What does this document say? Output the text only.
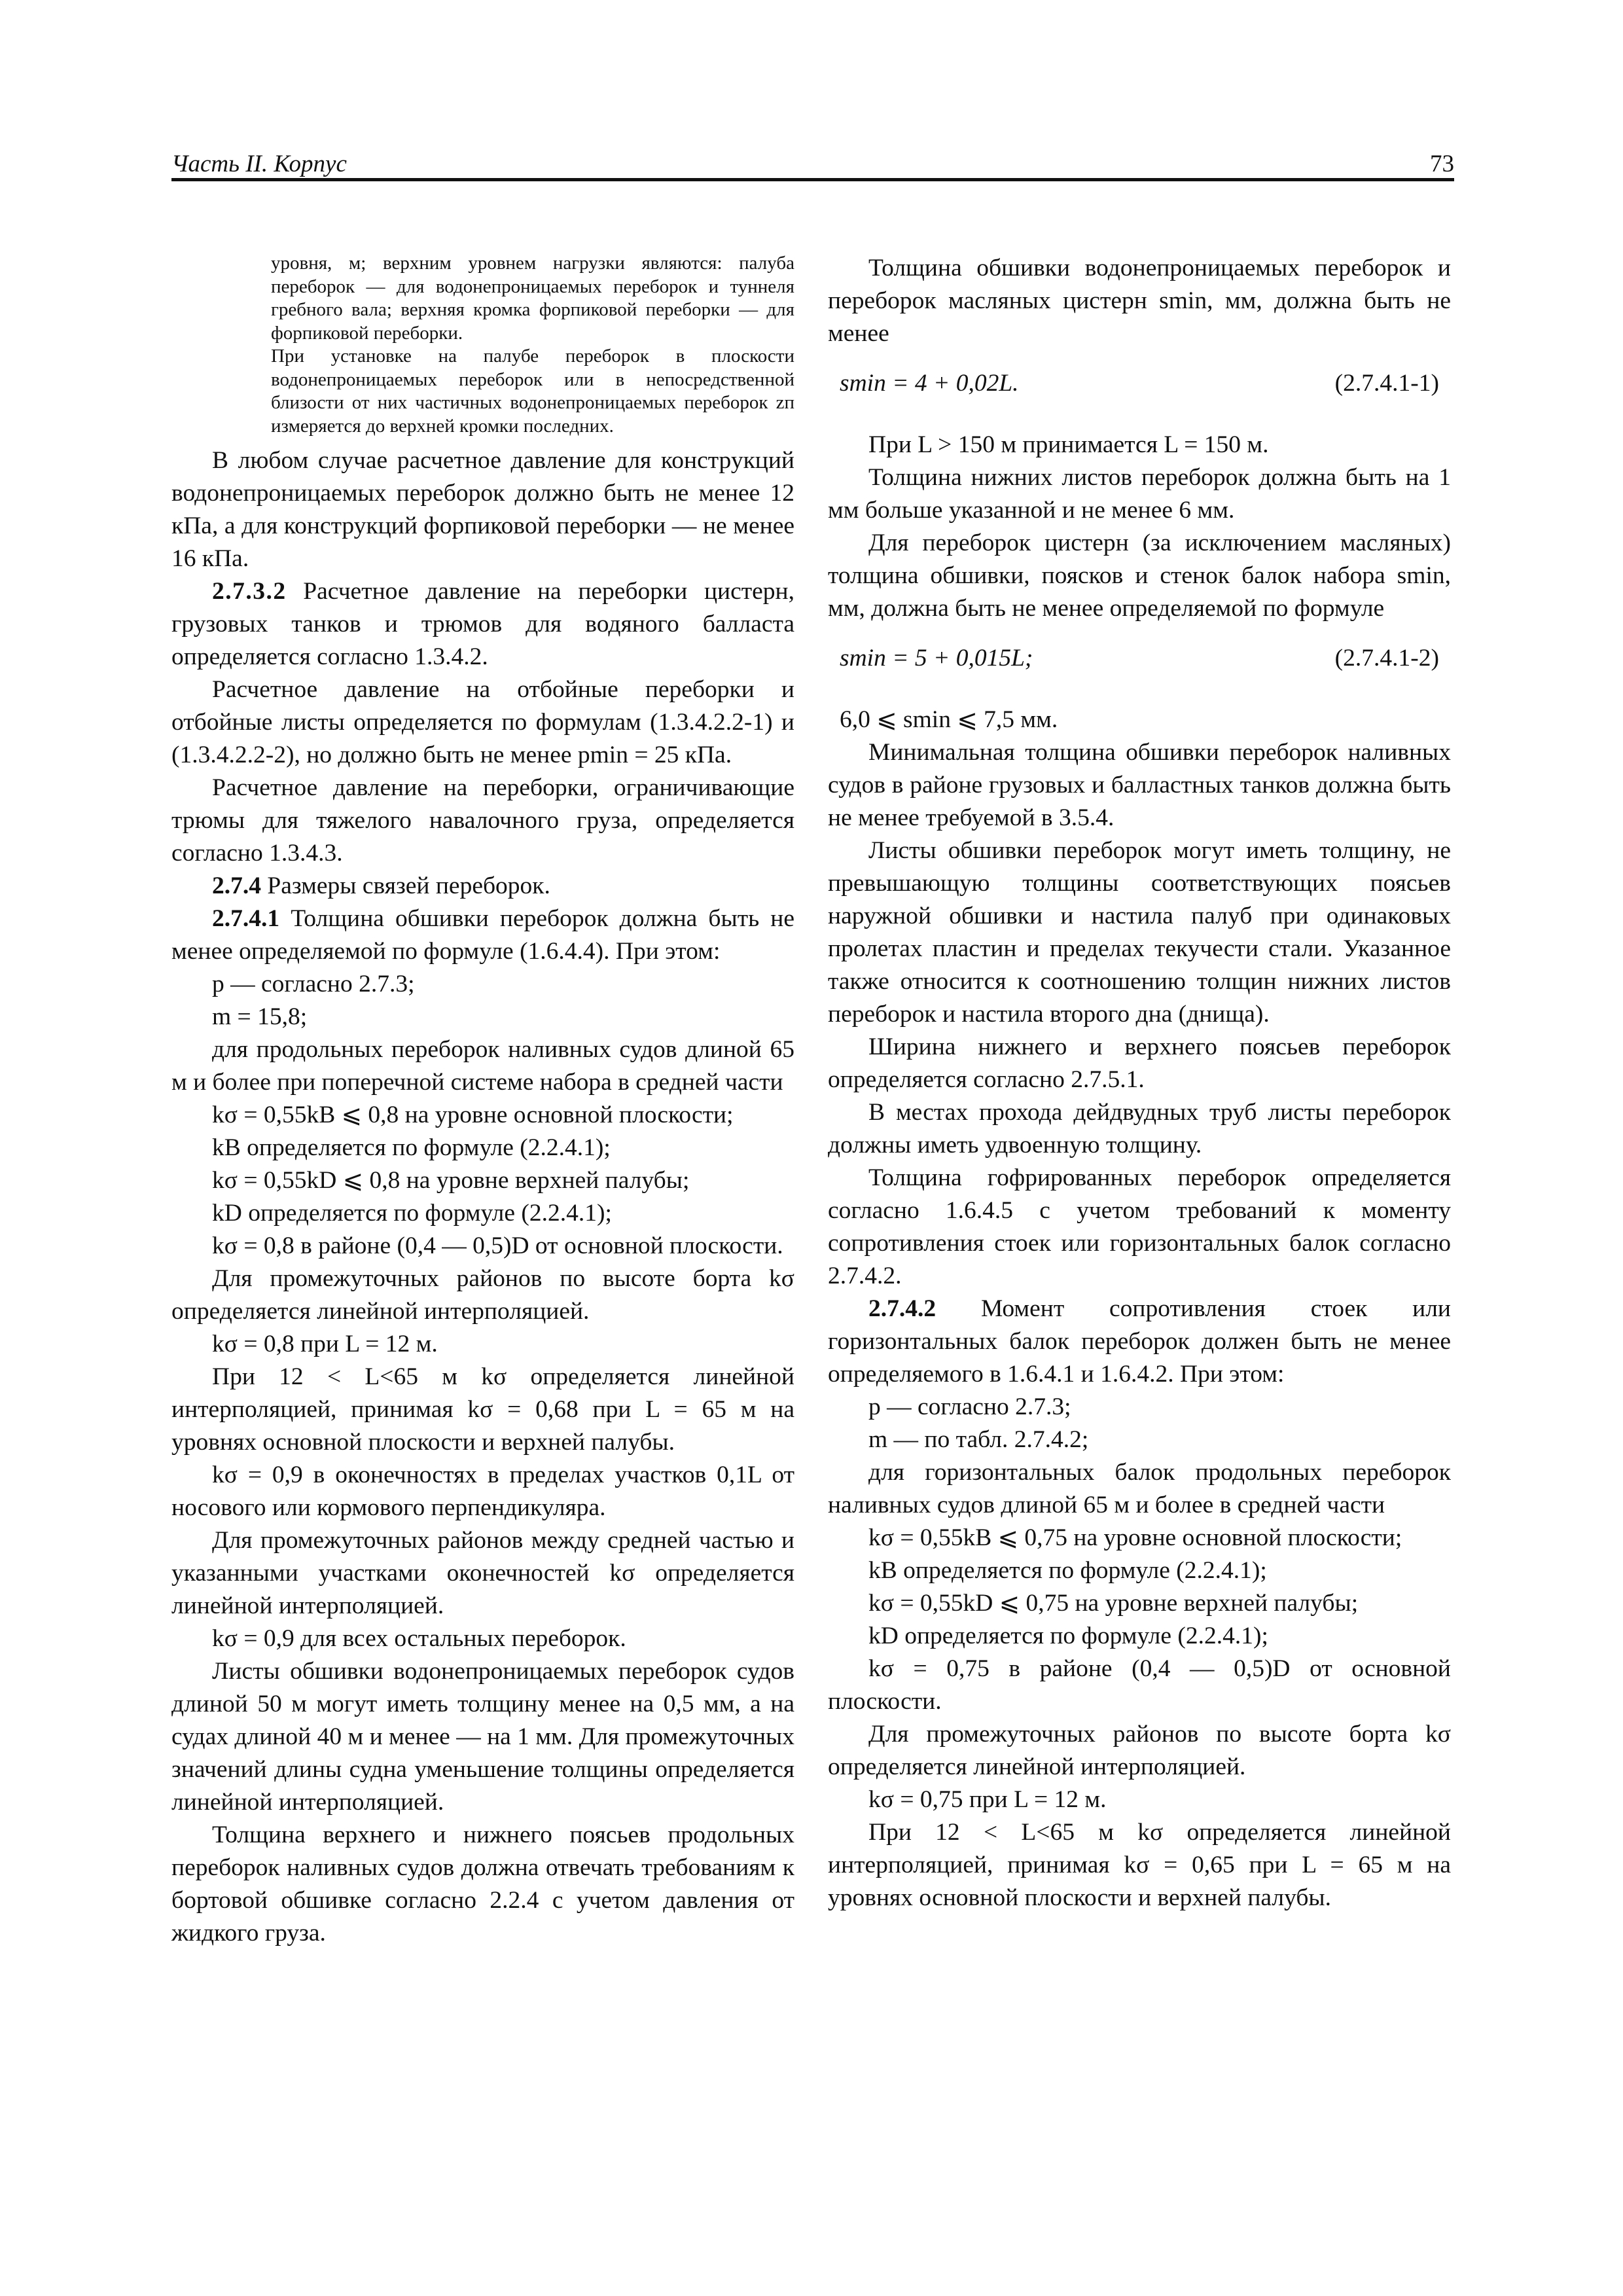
Часть II. Корпус	73

уровня, м; верхним уровнем нагрузки являются: палуба переборок — для водонепроницаемых переборок и туннеля гребного вала; верхняя кромка форпиковой переборки — для форпиковой переборки.

При установке на палубе переборок в плоскости водонепроницаемых переборок или в непосредственной близости от них частичных водонепроницаемых переборок zп измеряется до верхней кромки последних.

В любом случае расчетное давление для конструкций водонепроницаемых переборок должно быть не менее 12 кПа, а для конструкций форпиковой переборки — не менее 16 кПа.

2.7.3.2 Расчетное давление на переборки цистерн, грузовых танков и трюмов для водяного балласта определяется согласно 1.3.4.2.

Расчетное давление на отбойные переборки и отбойные листы определяется по формулам (1.3.4.2.2-1) и (1.3.4.2.2-2), но должно быть не менее pmin = 25 кПа.

Расчетное давление на переборки, ограничивающие трюмы для тяжелого навалочного груза, определяется согласно 1.3.4.3.

2.7.4 Размеры связей переборок.

2.7.4.1 Толщина обшивки переборок должна быть не менее определяемой по формуле (1.6.4.4). При этом:

p — согласно 2.7.3;

m = 15,8;

для продольных переборок наливных судов длиной 65 м и более при поперечной системе набора в средней части

kσ = 0,55kB ⩽ 0,8 на уровне основной плоскости;

kB определяется по формуле (2.2.4.1);

kσ = 0,55kD ⩽ 0,8 на уровне верхней палубы;

kD определяется по формуле (2.2.4.1);

kσ = 0,8 в районе (0,4 — 0,5)D от основной плоскости.

Для промежуточных районов по высоте борта kσ определяется линейной интерполяцией.

kσ = 0,8 при L = 12 м.

При 12 < L<65 м kσ определяется линейной интерполяцией, принимая kσ = 0,68 при L = 65 м на уровнях основной плоскости и верхней палубы.

kσ = 0,9 в оконечностях в пределах участков 0,1L от носового или кормового перпендикуляра.

Для промежуточных районов между средней частью и указанными участками оконечностей kσ определяется линейной интерполяцией.

kσ = 0,9 для всех остальных переборок.

Листы обшивки водонепроницаемых переборок судов длиной 50 м могут иметь толщину менее на 0,5 мм, а на судах длиной 40 м и менее — на 1 мм. Для промежуточных значений длины судна уменьшение толщины определяется линейной интерполяцией.

Толщина верхнего и нижнего поясьев продольных переборок наливных судов должна отвечать требованиям к бортовой обшивке согласно 2.2.4 с учетом давления от жидкого груза.

Толщина обшивки водонепроницаемых переборок и переборок масляных цистерн smin, мм, должна быть не менее

smin = 4 + 0,02L.	(2.7.4.1-1)

При L > 150 м принимается L = 150 м.

Толщина нижних листов переборок должна быть на 1 мм больше указанной и не менее 6 мм.

Для переборок цистерн (за исключением масляных) толщина обшивки, поясков и стенок балок набора smin, мм, должна быть не менее определяемой по формуле

smin = 5 + 0,015L;	(2.7.4.1-2)

6,0 ⩽ smin ⩽ 7,5 мм.

Минимальная толщина обшивки переборок наливных судов в районе грузовых и балластных танков должна быть не менее требуемой в 3.5.4.

Листы обшивки переборок могут иметь толщину, не превышающую толщины соответствующих поясьев наружной обшивки и настила палуб при одинаковых пролетах пластин и пределах текучести стали. Указанное также относится к соотношению толщин нижних листов переборок и настила второго дна (днища).

Ширина нижнего и верхнего поясьев переборок определяется согласно 2.7.5.1.

В местах прохода дейдвудных труб листы переборок должны иметь удвоенную толщину.

Толщина гофрированных переборок определяется согласно 1.6.4.5 с учетом требований к моменту сопротивления стоек или горизонтальных балок согласно 2.7.4.2.

2.7.4.2 Момент сопротивления стоек или горизонтальных балок переборок должен быть не менее определяемого в 1.6.4.1 и 1.6.4.2. При этом:

p — согласно 2.7.3;

m — по табл. 2.7.4.2;

для горизонтальных балок продольных переборок наливных судов длиной 65 м и более в средней части

kσ = 0,55kB ⩽ 0,75 на уровне основной плоскости;

kB определяется по формуле (2.2.4.1);

kσ = 0,55kD ⩽ 0,75 на уровне верхней палубы;

kD определяется по формуле (2.2.4.1);

kσ = 0,75 в районе (0,4 — 0,5)D от основной плоскости.

Для промежуточных районов по высоте борта kσ определяется линейной интерполяцией.

kσ = 0,75 при L = 12 м.

При 12 < L<65 м kσ определяется линейной интерполяцией, принимая kσ = 0,65 при L = 65 м на уровнях основной плоскости и верхней палубы.
